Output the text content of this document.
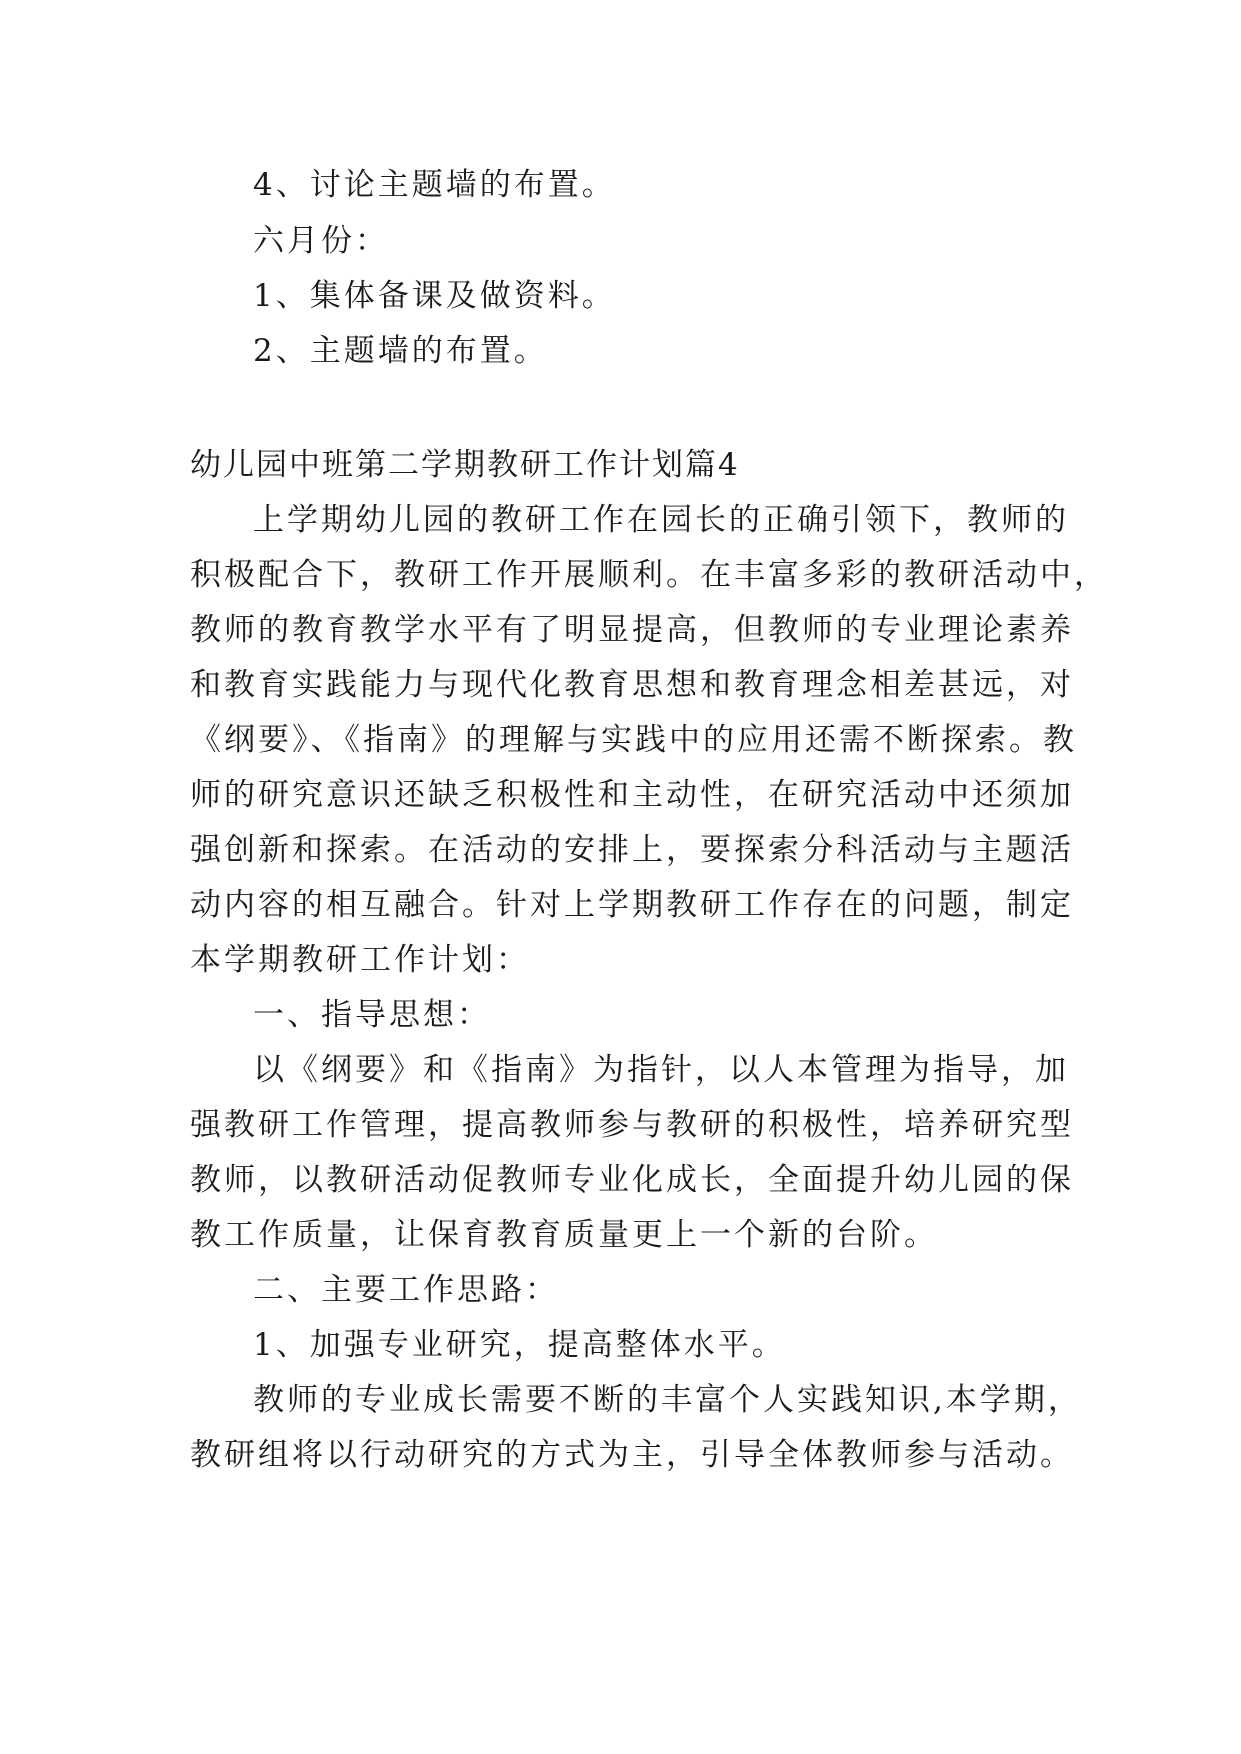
4、讨论主题墙的布置。
六月份：
1、集体备课及做资料。
2、主题墙的布置。
幼儿园中班第二学期教研工作计划篇4
上学期幼儿园的教研工作在园长的正确引领下，教师的
积极配合下，教研工作开展顺利。在丰富多彩的教研活动中，
教师的教育教学水平有了明显提高，但教师的专业理论素养
和教育实践能力与现代化教育思想和教育理念相差甚远，对
《纲要》、《指南》的理解与实践中的应用还需不断探索。教
师的研究意识还缺乏积极性和主动性，在研究活动中还须加
强创新和探索。在活动的安排上，要探索分科活动与主题活
动内容的相互融合。针对上学期教研工作存在的问题，制定
本学期教研工作计划：
一、指导思想：
以《纲要》和《指南》为指针，以人本管理为指导，加
强教研工作管理，提高教师参与教研的积极性，培养研究型
教师，以教研活动促教师专业化成长，全面提升幼儿园的保
教工作质量，让保育教育质量更上一个新的台阶。
二、主要工作思路：
1、加强专业研究，提高整体水平。
教师的专业成长需要不断的丰富个人实践知识,本学期，
教研组将以行动研究的方式为主，引导全体教师参与活动。
